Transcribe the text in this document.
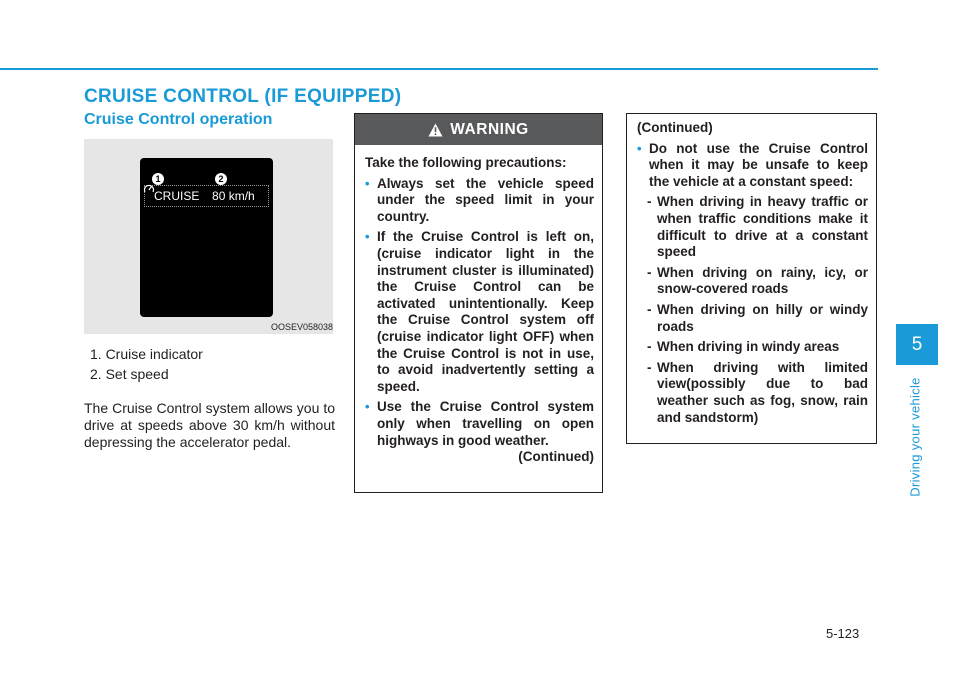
CRUISE CONTROL (IF EQUIPPED)
Cruise Control operation
1	2
CRUISE 80 km/h
OOSEV058038
1. Cruise indicator
2. Set speed
The Cruise Control system allows you to drive at speeds above 30 km/h without depressing the accelerator pedal.
WARNING
Take the following precautions:
• Always set the vehicle speed under the speed limit in your country.
• If the Cruise Control is left on, (cruise indicator light in the instrument cluster is illuminated) the Cruise Control can be activated unintentionally. Keep the Cruise Control system off (cruise indicator light OFF) when the Cruise Control is not in use, to avoid inadvertently setting a speed.
• Use the Cruise Control system only when travelling on open highways in good weather.
(Continued)
(Continued)
• Do not use the Cruise Control when it may be unsafe to keep the vehicle at a constant speed:
- When driving in heavy traffic or when traffic conditions make it difficult to drive at a constant speed
- When driving on rainy, icy, or snow-covered roads
- When driving on hilly or windy roads
- When driving in windy areas
- When driving with limited view(possibly due to bad weather such as fog, snow, rain and sandstorm)
5
Driving your vehicle
5-123
